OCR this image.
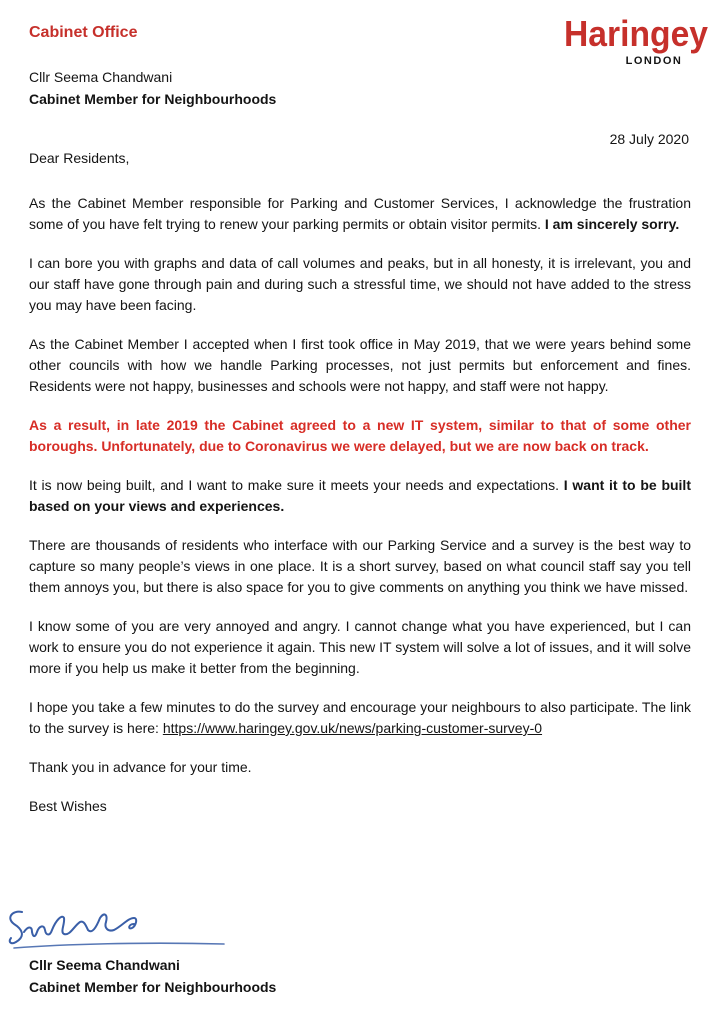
Cabinet Office	Haringey
LONDON
Cllr Seema Chandwani
Cabinet Member for Neighbourhoods
28 July 2020

Dear Residents,

As the Cabinet Member responsible for Parking and Customer Services, I acknowledge the frustration some of you have felt trying to renew your parking permits or obtain visitor permits. I am sincerely sorry.

I can bore you with graphs and data of call volumes and peaks, but in all honesty, it is irrelevant, you and our staff have gone through pain and during such a stressful time, we should not have added to the stress you may have been facing.

As the Cabinet Member I accepted when I first took office in May 2019, that we were years behind some other councils with how we handle Parking processes, not just permits but enforcement and fines. Residents were not happy, businesses and schools were not happy, and staff were not happy.

As a result, in late 2019 the Cabinet agreed to a new IT system, similar to that of some other boroughs. Unfortunately, due to Coronavirus we were delayed, but we are now back on track.

It is now being built, and I want to make sure it meets your needs and expectations. I want it to be built based on your views and experiences.

There are thousands of residents who interface with our Parking Service and a survey is the best way to capture so many people’s views in one place. It is a short survey, based on what council staff say you tell them annoys you, but there is also space for you to give comments on anything you think we have missed.

I know some of you are very annoyed and angry. I cannot change what you have experienced, but I can work to ensure you do not experience it again. This new IT system will solve a lot of issues, and it will solve more if you help us make it better from the beginning.

I hope you take a few minutes to do the survey and encourage your neighbours to also participate. The link to the survey is here: https://www.haringey.gov.uk/news/parking-customer-survey-0

Thank you in advance for your time.

Best Wishes

Cllr Seema Chandwani
Cabinet Member for Neighbourhoods
